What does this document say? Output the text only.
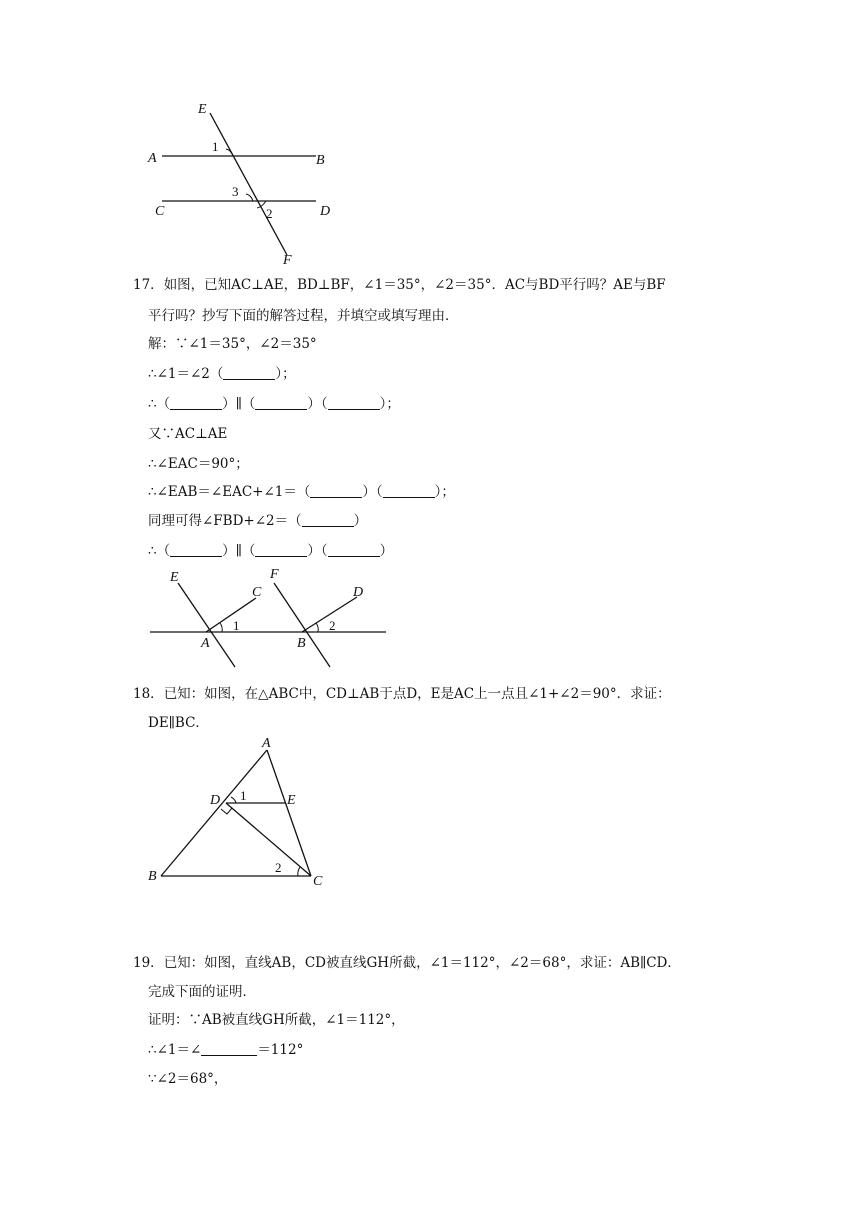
E
A	B
C	D
F
1
3
2
17．如图，已知AC⊥AE，BD⊥BF，∠1＝35°，∠2＝35°．AC与BD平行吗？AE与BF
平行吗？抄写下面的解答过程，并填空或填写理由．
解：∵∠1＝35°，∠2＝35°
∴∠1＝∠2（	）；
∴（	）∥（	）（	）；
又∵AC⊥AE
∴∠EAC＝90°；
∴∠EAB＝∠EAC+∠1＝（	）（	）；
同理可得∠FBD+∠2＝（	）
∴（	）∥（	）（	）
E
C
A
1
F
D
B
2
18．已知：如图，在△ABC中，CD⊥AB于点D，E是AC上一点且∠1+∠2＝90°．求证：
DE∥BC．
A
D 1	E
B
2
C
19．已知：如图，直线AB，CD被直线GH所截，∠1＝112°，∠2＝68°，求证：AB∥CD．
完成下面的证明．
证明：∵AB被直线GH所截，∠1＝112°，
∴∠1＝∠	＝112°
∵∠2＝68°，
